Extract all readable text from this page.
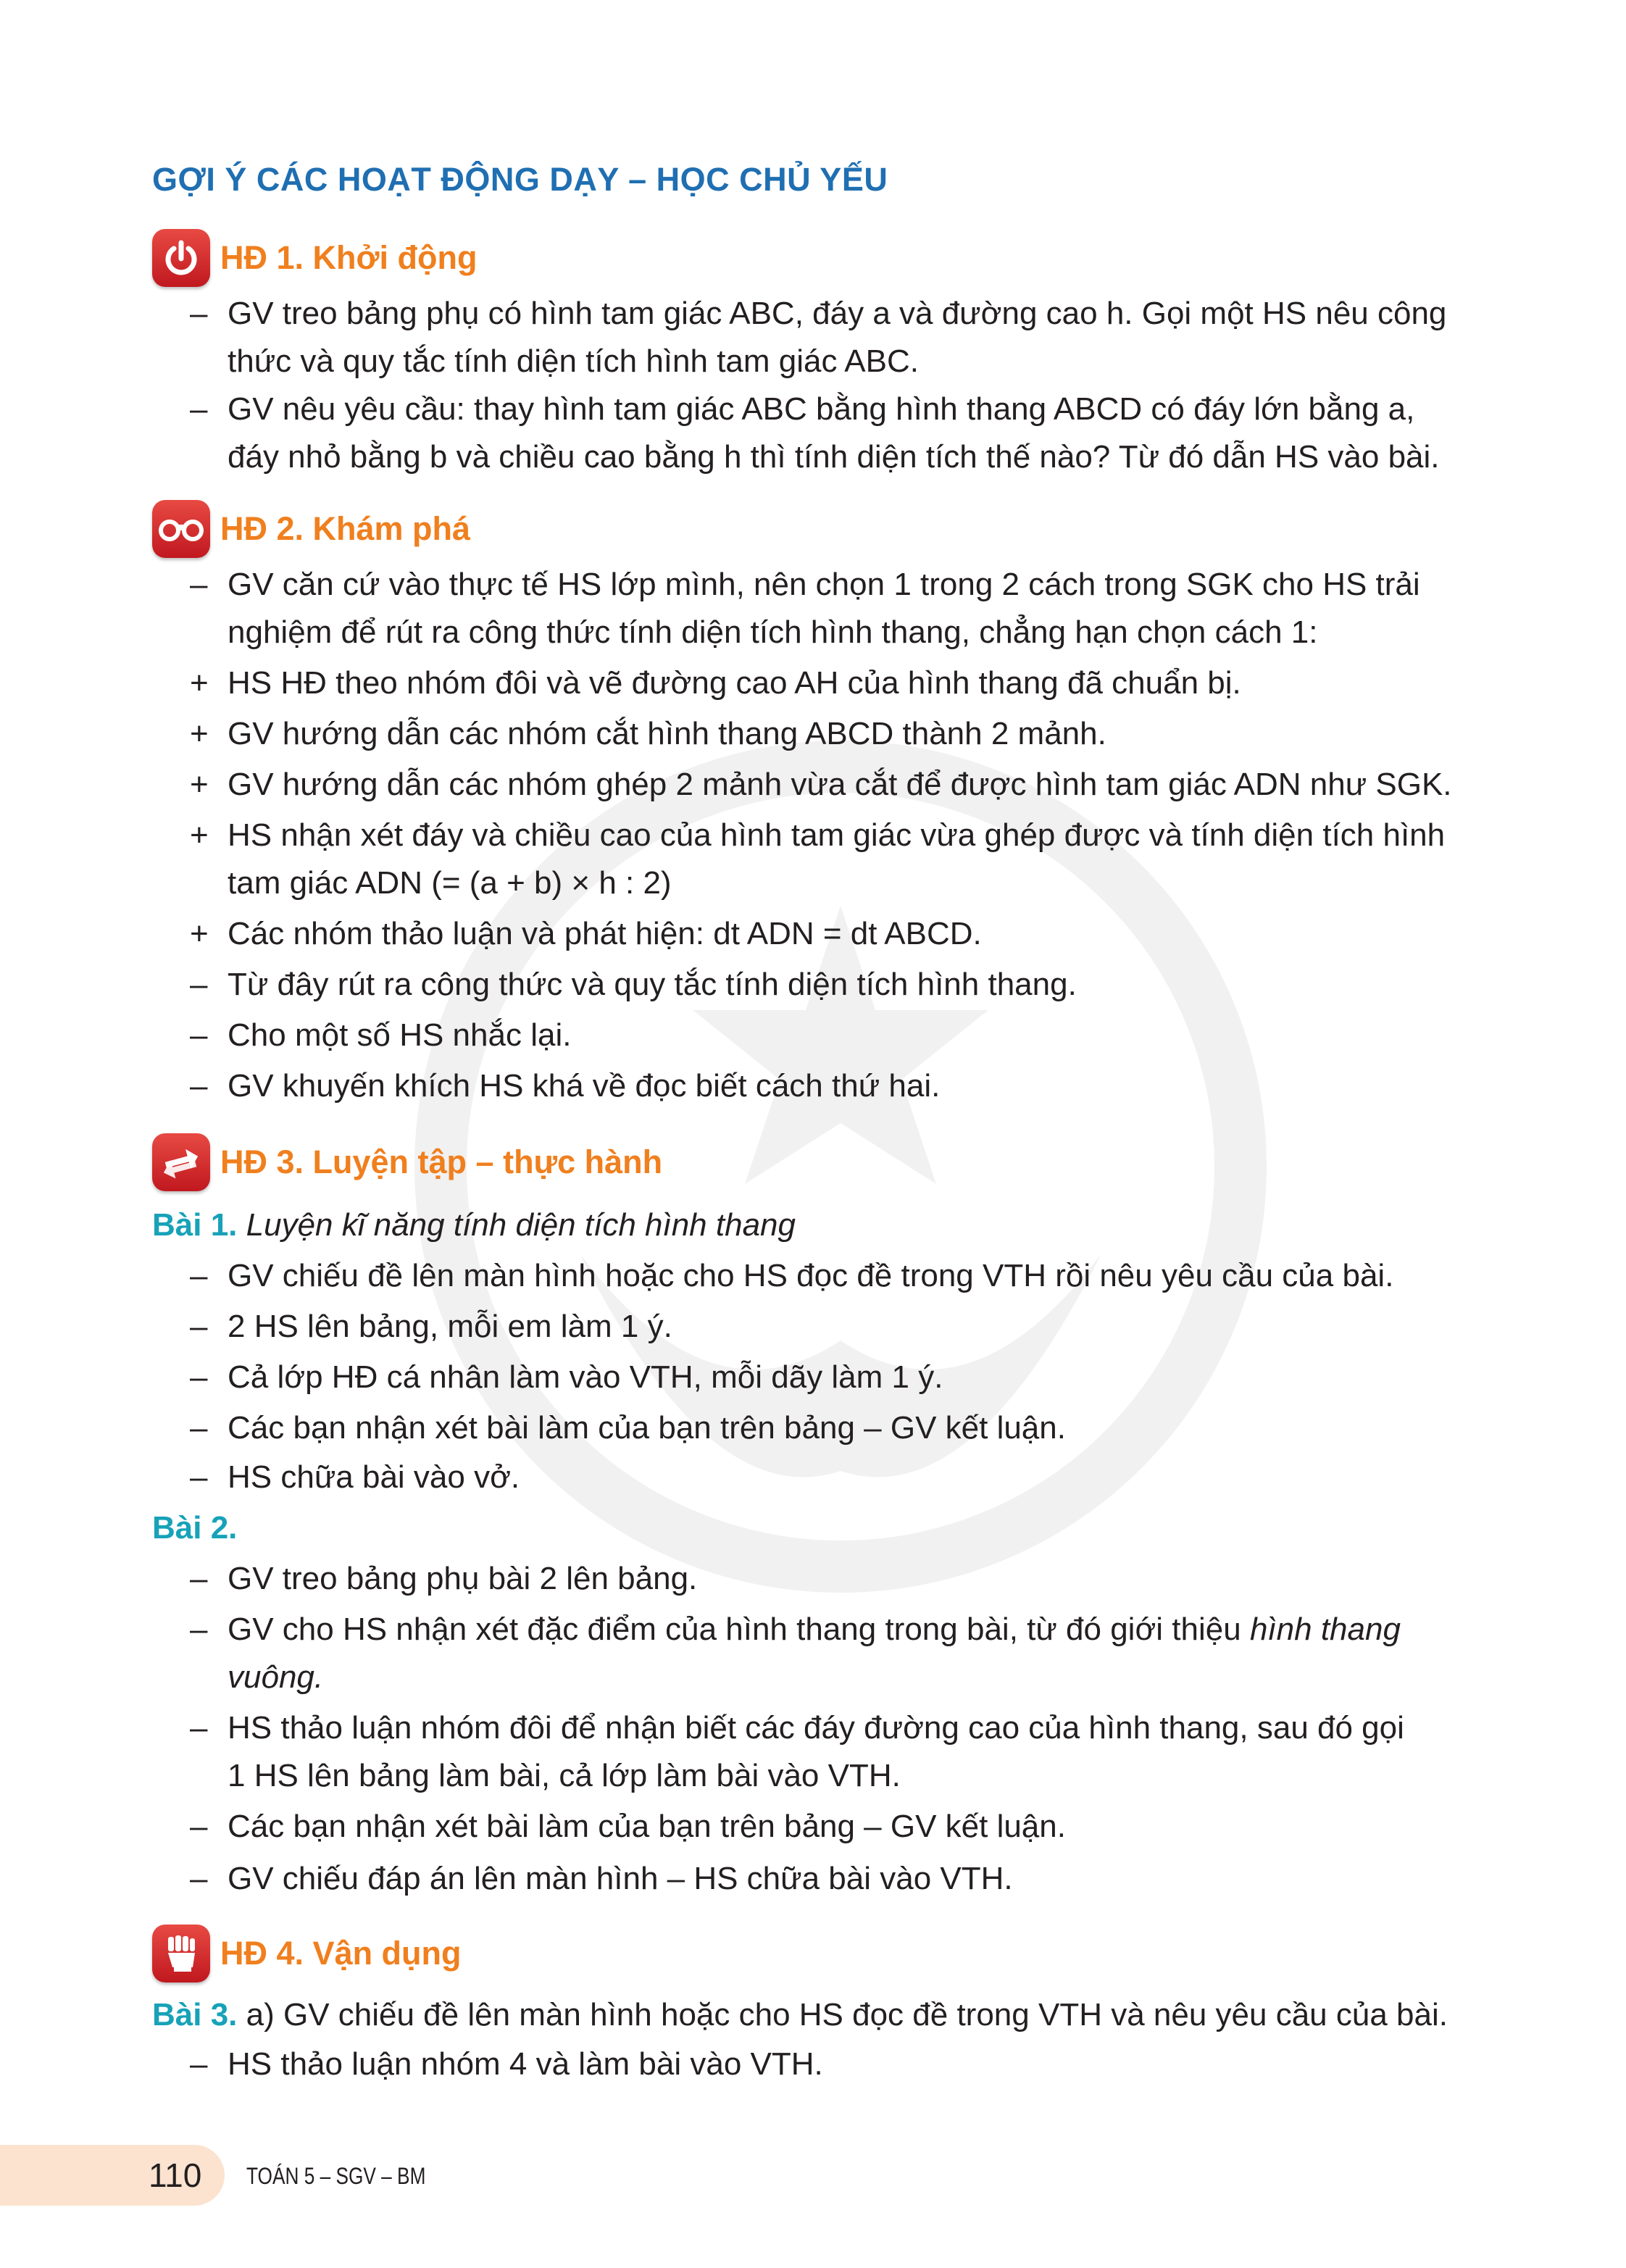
GỢI Ý CÁC HOẠT ĐỘNG DẠY – HỌC CHỦ YẾU
HĐ 1. Khởi động
– GV treo bảng phụ có hình tam giác ABC, đáy a và đường cao h. Gọi một HS nêu công
thức và quy tắc tính diện tích hình tam giác ABC.
– GV nêu yêu cầu: thay hình tam giác ABC bằng hình thang ABCD có đáy lớn bằng a,
đáy nhỏ bằng b và chiều cao bằng h thì tính diện tích thế nào? Từ đó dẫn HS vào bài.
HĐ 2. Khám phá
– GV căn cứ vào thực tế HS lớp mình, nên chọn 1 trong 2 cách trong SGK cho HS trải
nghiệm để rút ra công thức tính diện tích hình thang, chẳng hạn chọn cách 1:
+ HS HĐ theo nhóm đôi và vẽ đường cao AH của hình thang đã chuẩn bị.
+ GV hướng dẫn các nhóm cắt hình thang ABCD thành 2 mảnh.
+ GV hướng dẫn các nhóm ghép 2 mảnh vừa cắt để được hình tam giác ADN như SGK.
+ HS nhận xét đáy và chiều cao của hình tam giác vừa ghép được và tính diện tích hình
tam giác ADN (= (a + b) × h : 2)
+ Các nhóm thảo luận và phát hiện: dt ADN = dt ABCD.
– Từ đây rút ra công thức và quy tắc tính diện tích hình thang.
– Cho một số HS nhắc lại.
– GV khuyến khích HS khá về đọc biết cách thứ hai.
HĐ 3. Luyện tập – thực hành
Bài 1. Luyện kĩ năng tính diện tích hình thang
– GV chiếu đề lên màn hình hoặc cho HS đọc đề trong VTH rồi nêu yêu cầu của bài.
– 2 HS lên bảng, mỗi em làm 1 ý.
– Cả lớp HĐ cá nhân làm vào VTH, mỗi dãy làm 1 ý.
– Các bạn nhận xét bài làm của bạn trên bảng – GV kết luận.
– HS chữa bài vào vở.
Bài 2.
– GV treo bảng phụ bài 2 lên bảng.
– GV cho HS nhận xét đặc điểm của hình thang trong bài, từ đó giới thiệu hình thang
vuông.
– HS thảo luận nhóm đôi để nhận biết các đáy đường cao của hình thang, sau đó gọi
1 HS lên bảng làm bài, cả lớp làm bài vào VTH.
– Các bạn nhận xét bài làm của bạn trên bảng – GV kết luận.
– GV chiếu đáp án lên màn hình – HS chữa bài vào VTH.
HĐ 4. Vận dụng
Bài 3. a) GV chiếu đề lên màn hình hoặc cho HS đọc đề trong VTH và nêu yêu cầu của bài.
– HS thảo luận nhóm 4 và làm bài vào VTH.
110 TOÁN 5 – SGV – BM
